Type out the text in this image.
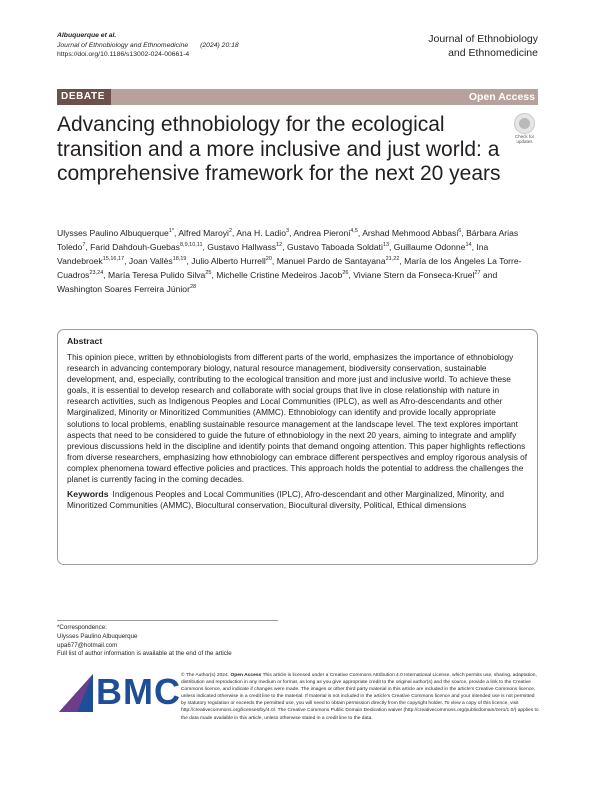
Albuquerque et al.
Journal of Ethnobiology and Ethnomedicine (2024) 20:18
https://doi.org/10.1186/s13002-024-00661-4
Journal of Ethnobiology
and Ethnomedicine
DEBATE	Open Access
Advancing ethnobiology for the ecological transition and a more inclusive and just world: a comprehensive framework for the next 20 years
Check for
updates
Ulysses Paulino Albuquerque$^{1*}$, Alfred Maroyi$^2$, Ana H. Ladio$^3$, Andrea Pieroni$^{4,5}$, Arshad Mehmood Abbasi$^6$, Bárbara Arias Toledo$^7$, Farid Dahdouh-Guebas$^{8,9,10,11}$, Gustavo Hallwass$^{12}$, Gustavo Taboada Soldati$^{13}$, Guillaume Odonne$^{14}$, Ina Vandebroek$^{15,16,17}$, Joan Vallès$^{18,19}$, Julio Alberto Hurrell$^{20}$, Manuel Pardo de Santayana$^{21,22}$, María de los Ángeles La Torre-Cuadros$^{23,24}$, María Teresa Pulido Silva$^{25}$, Michelle Cristine Medeiros Jacob$^{26}$, Viviane Stern da Fonseca-Kruel$^{27}$ and Washington Soares Ferreira Júnior$^{28}$
Abstract

This opinion piece, written by ethnobiologists from different parts of the world, emphasizes the importance of ethnobiology research in advancing contemporary biology, natural resource management, biodiversity conservation, sustainable development, and, especially, contributing to the ecological transition and more just and inclusive world. To achieve these goals, it is essential to develop research and collaborate with social groups that live in close relationship with nature in research activities, such as Indigenous Peoples and Local Communities (IPLC), as well as Afro-descendants and other Marginalized, Minority or Minoritized Communities (AMMC). Ethnobiology can identify and provide locally appropriate solutions to local problems, enabling sustainable resource management at the landscape level. The text explores important aspects that need to be considered to guide the future of ethnobiology in the next 20 years, aiming to integrate and amplify previous discussions held in the discipline and identify points that demand ongoing attention. This paper highlights reflections from diverse researchers, emphasizing how ethnobiology can embrace different perspectives and employ rigorous analysis of complex phenomena toward effective policies and practices. This approach holds the potential to address the challenges the planet is currently facing in the coming decades.

Keywords Indigenous Peoples and Local Communities (IPLC), Afro-descendant and other Marginalized, Minority, and Minoritized Communities (AMMC), Biocultural conservation, Biocultural diversity, Political, Ethical dimensions
*Correspondence:
Ulysses Paulino Albuquerque
upa677@hotmail.com
Full list of author information is available at the end of the article
BMC © The Author(s) 2024. Open Access This article is licensed under a Creative Commons Attribution 4.0 International License, which permits use, sharing, adaptation, distribution and reproduction in any medium or format, as long as you give appropriate credit to the original author(s) and the source, provide a link to the Creative Commons licence, and indicate if changes were made. The images or other third party material in this article are included in the article's Creative Commons licence, unless indicated otherwise in a credit line to the material. If material is not included in the article's Creative Commons licence and your intended use is not permitted by statutory regulation or exceeds the permitted use, you will need to obtain permission directly from the copyright holder. To view a copy of this licence, visit http://creativecommons.org/licenses/by/4.0/. The Creative Commons Public Domain Dedication waiver (http://creativecommons.org/publicdomain/zero/1.0/) applies to the data made available in this article, unless otherwise stated in a credit line to the data.
